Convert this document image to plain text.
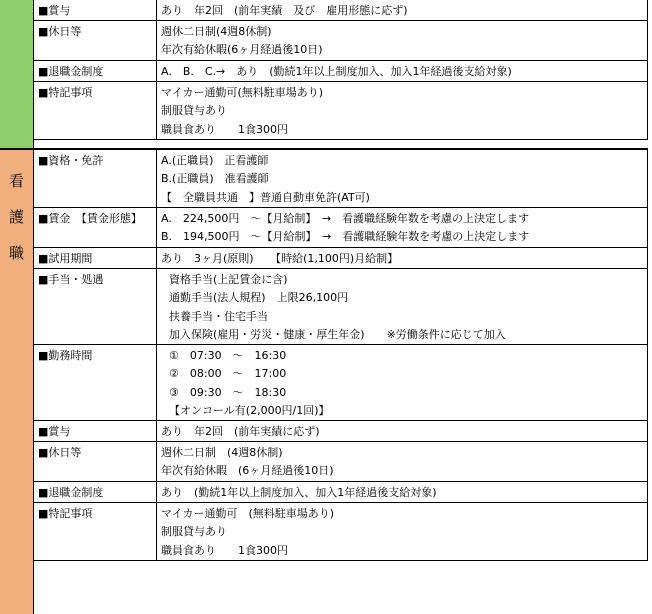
看
護
職
■賞与	あり　年2回　(前年実績　及び　雇用形態に応ず)
■休日等	週休二日制(4週8休制)
年次有給休暇(6ヶ月経過後10日)
■退職金制度	A.　B.　C.→　あり　(勤続1年以上制度加入、加入1年経過後支給対象)
■特記事項	マイカー通勤可(無料駐車場あり)
制服貸与あり
職員食あり　　1食300円
■資格・免許	A.(正職員)　正看護師
B.(正職員)　准看護師
【　全職員共通　】普通自動車免許(AT可)
■賃金　【賃金形態】 A.　224,500円　～【月給制】　→　看護職経験年数を考慮の上決定します
B.　194,500円　～【月給制】　→　看護職経験年数を考慮の上決定します
■試用期間	あり　3ヶ月(原則)　　【時給(1,100円)月給制】
■手当・処遇	資格手当(上記賃金に含)
通勤手当(法人規程)　上限26,100円
扶養手当・住宅手当
加入保険(雇用・労災・健康・厚生年金)　　※労働条件に応じて加入
■勤務時間	①　07:30　～　16:30
②　08:00　～　17:00
③　09:30　～　18:30
【オンコール有(2,000円/1回)】
■賞与	あり　年2回　(前年実績に応ず)
■休日等	週休二日制　(4週8休制)
年次有給休暇　(6ヶ月経過後10日)
■退職金制度	あり　(勤続1年以上制度加入、加入1年経過後支給対象)
■特記事項	マイカー通勤可　(無料駐車場あり)
制服貸与あり
職員食あり　　1食300円
